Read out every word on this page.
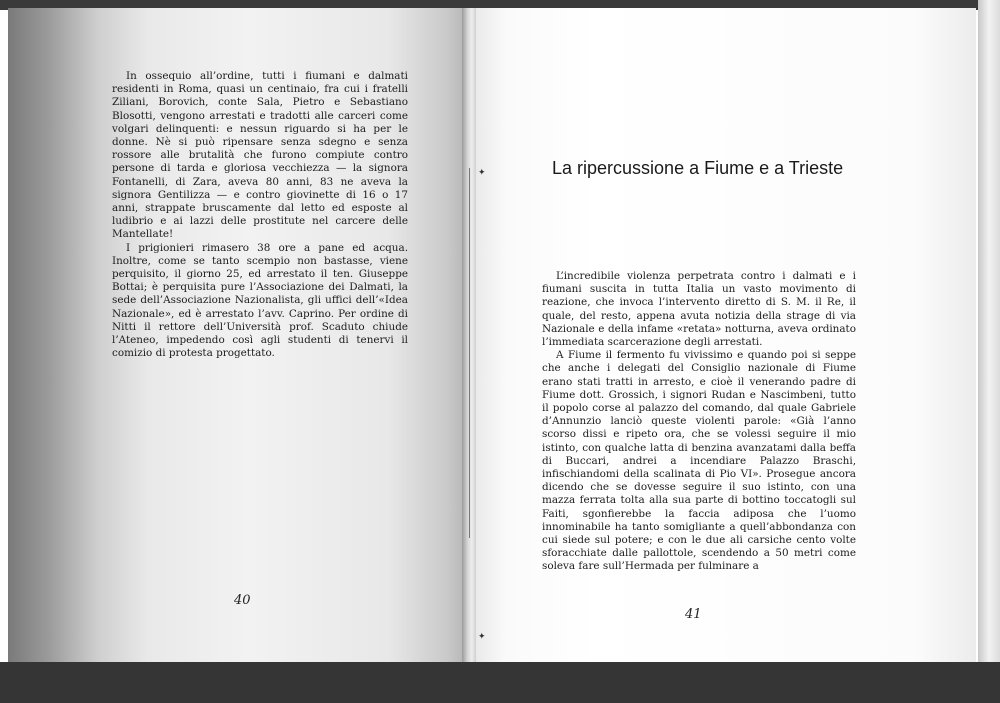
In ossequio all’ordine, tutti i fiumani e dalmati residenti in Roma, quasi un centinaio, fra cui i fratelli Ziliani, Borovich, conte Sala, Pietro e Sebastiano Blosotti, vengono arrestati e tradotti alle carceri come volgari delinquenti: e nessun riguardo si ha per le donne. Nè si può ripensare senza sdegno e senza rossore alle brutalità che furono compiute contro persone di tarda e gloriosa vecchiezza — la signora Fontanelli, di Zara, aveva 80 anni, 83 ne aveva la signora Gentilizza — e contro giovinette di 16 o 17 anni, strappate bruscamente dal letto ed esposte al ludibrio e ai lazzi delle prostitute nel carcere delle Mantellate!

I prigionieri rimasero 38 ore a pane ed acqua. Inoltre, come se tanto scempio non bastasse, viene perquisito, il giorno 25, ed arrestato il ten. Giuseppe Bottai; è perquisita pure l’Associazione dei Dalmati, la sede dell’Associazione Nazionalista, gli uffici dell’«Idea Nazionale», ed è arrestato l’avv. Caprino. Per ordine di Nitti il rettore dell’Università prof. Scaduto chiude l’Ateneo, impedendo così agli studenti di tenervi il comizio di protesta progettato.

40
✦
✦
La ripercussione a Fiume e a Trieste

L’incredibile violenza perpetrata contro i dalmati e i fiumani suscita in tutta Italia un vasto movimento di reazione, che invoca l’intervento diretto di S. M. il Re, il quale, del resto, appena avuta notizia della strage di via Nazionale e della infame «retata» notturna, aveva ordinato l’immediata scarcerazione degli arrestati.

A Fiume il fermento fu vivissimo e quando poi si seppe che anche i delegati del Consiglio nazionale di Fiume erano stati tratti in arresto, e cioè il venerando padre di Fiume dott. Grossich, i signori Rudan e Nascimbeni, tutto il popolo corse al palazzo del comando, dal quale Gabriele d’Annunzio lanciò queste violenti parole: «Già l’anno scorso dissi e ripeto ora, che se volessi seguire il mio istinto, con qualche latta di benzina avanzatami dalla beffa di Buccari, andrei a incendiare Palazzo Braschi, infischiandomi della scalinata di Pio VI». Prosegue ancora dicendo che se dovesse seguire il suo istinto, con una mazza ferrata tolta alla sua parte di bottino toccatogli sul Faiti, sgonfierebbe la faccia adiposa che l’uomo innominabile ha tanto somigliante a quell’abbondanza con cui siede sul potere; e con le due ali carsiche cento volte sforacchiate dalle pallottole, scendendo a 50 metri come soleva fare sull’Hermada per fulminare a

41
